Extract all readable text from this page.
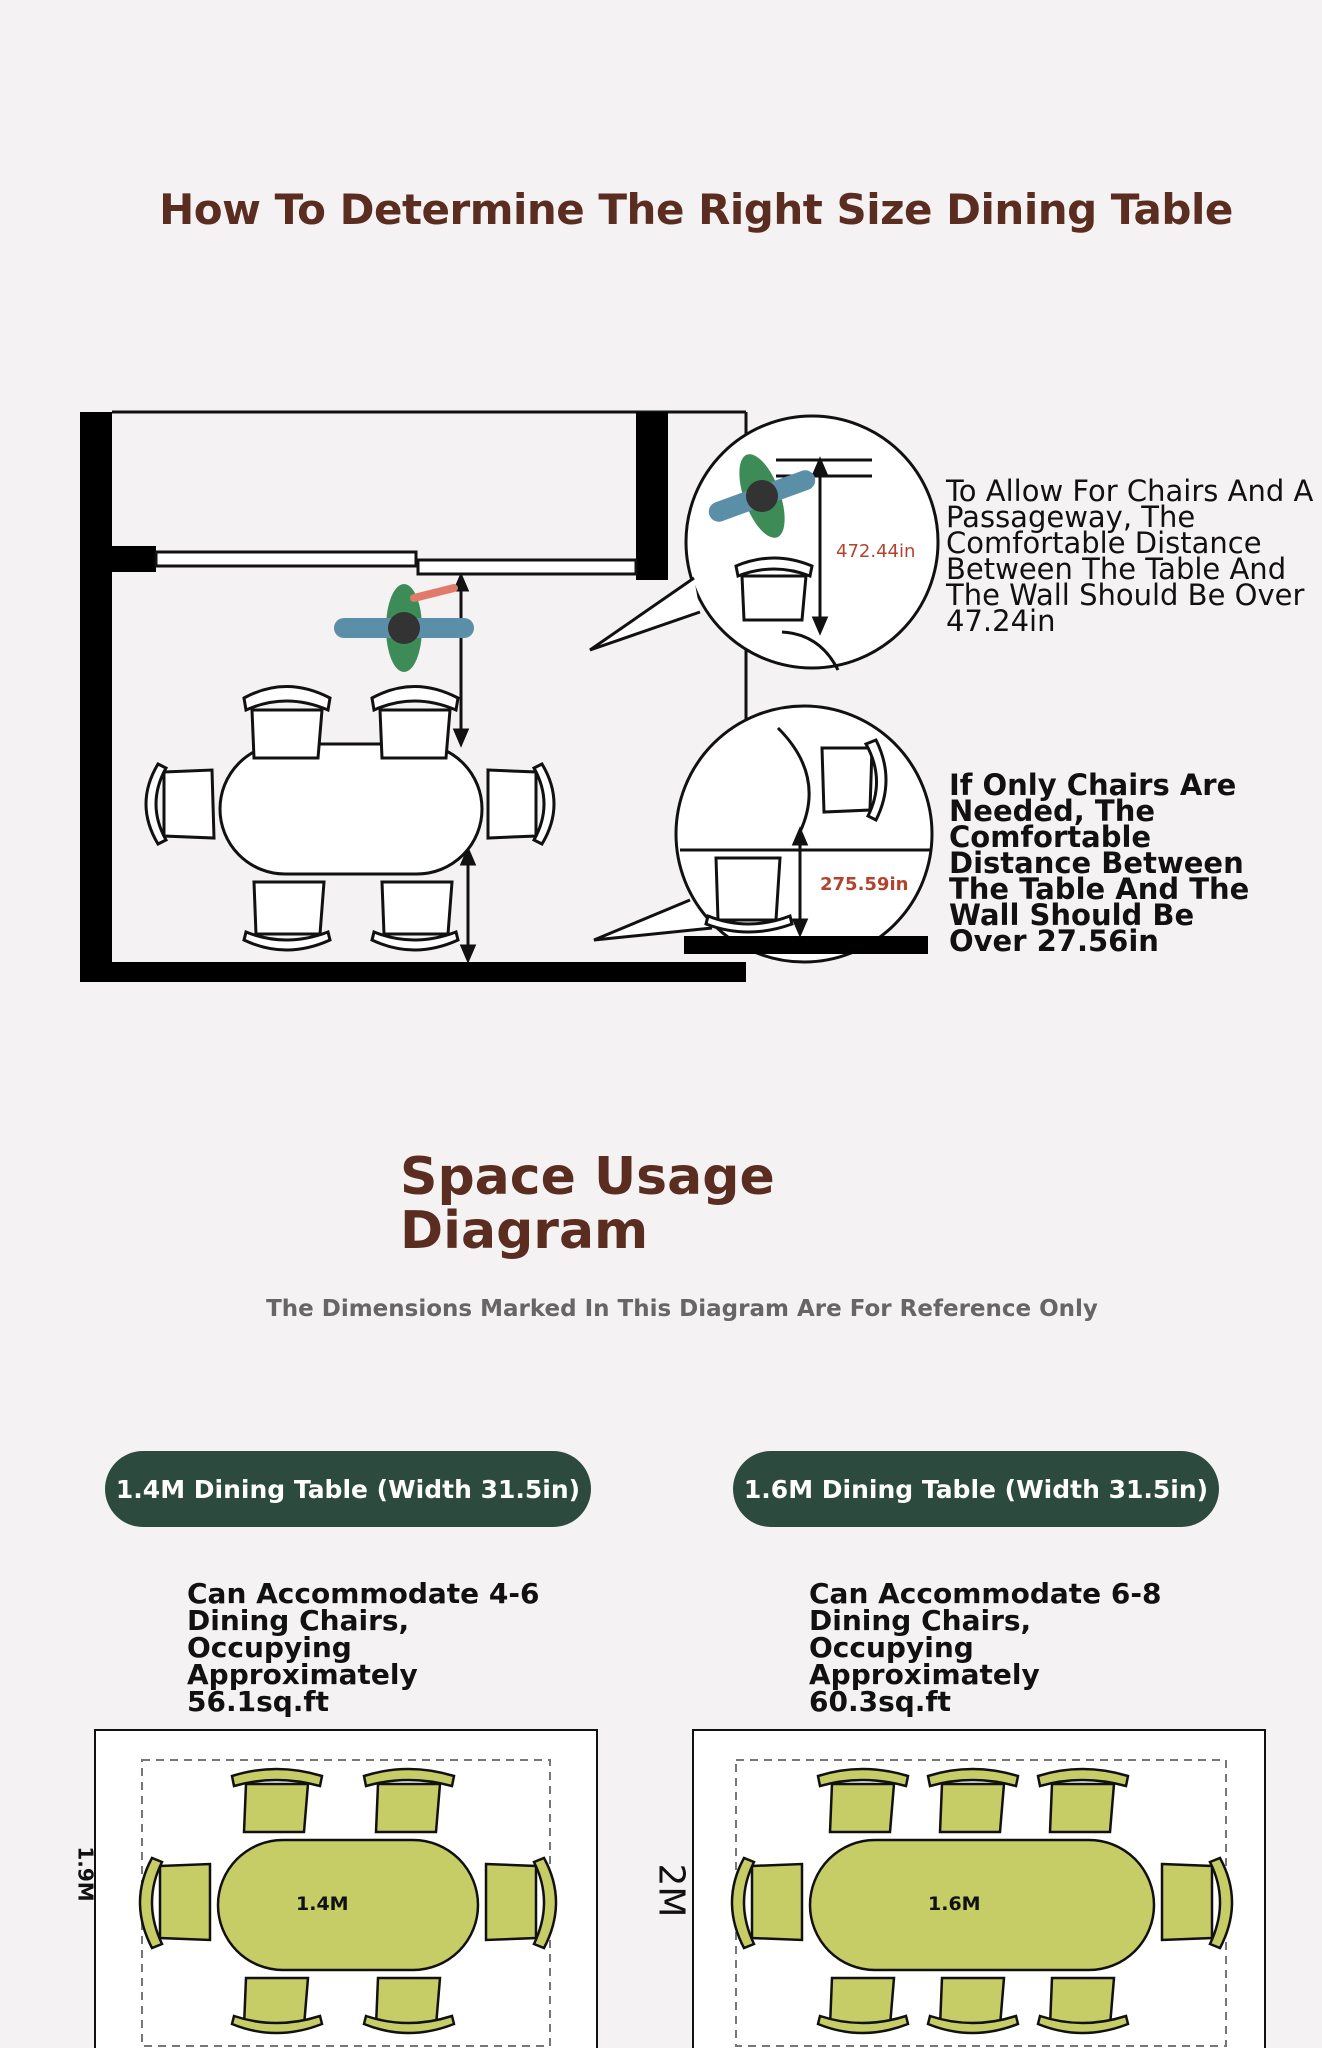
How To Determine The Right Size Dining Table
472.44in
275.59in
To Allow For Chairs And A Passageway, The Comfortable Distance Between The Table And The Wall Should Be Over 47.24in
If Only Chairs Are Needed, The Comfortable Distance Between The Table And The Wall Should Be Over 27.56in
Space Usage
Diagram
The Dimensions Marked In This Diagram Are For Reference Only
1.4M Dining Table (Width 31.5in)	1.6M Dining Table (Width 31.5in)
Can Accommodate 4-6 Dining Chairs, Occupying Approximately 56.1sq.ft
Can Accommodate 6-8 Dining Chairs, Occupying Approximately 60.3sq.ft
1.4M	1.6M
1.9M	2M
